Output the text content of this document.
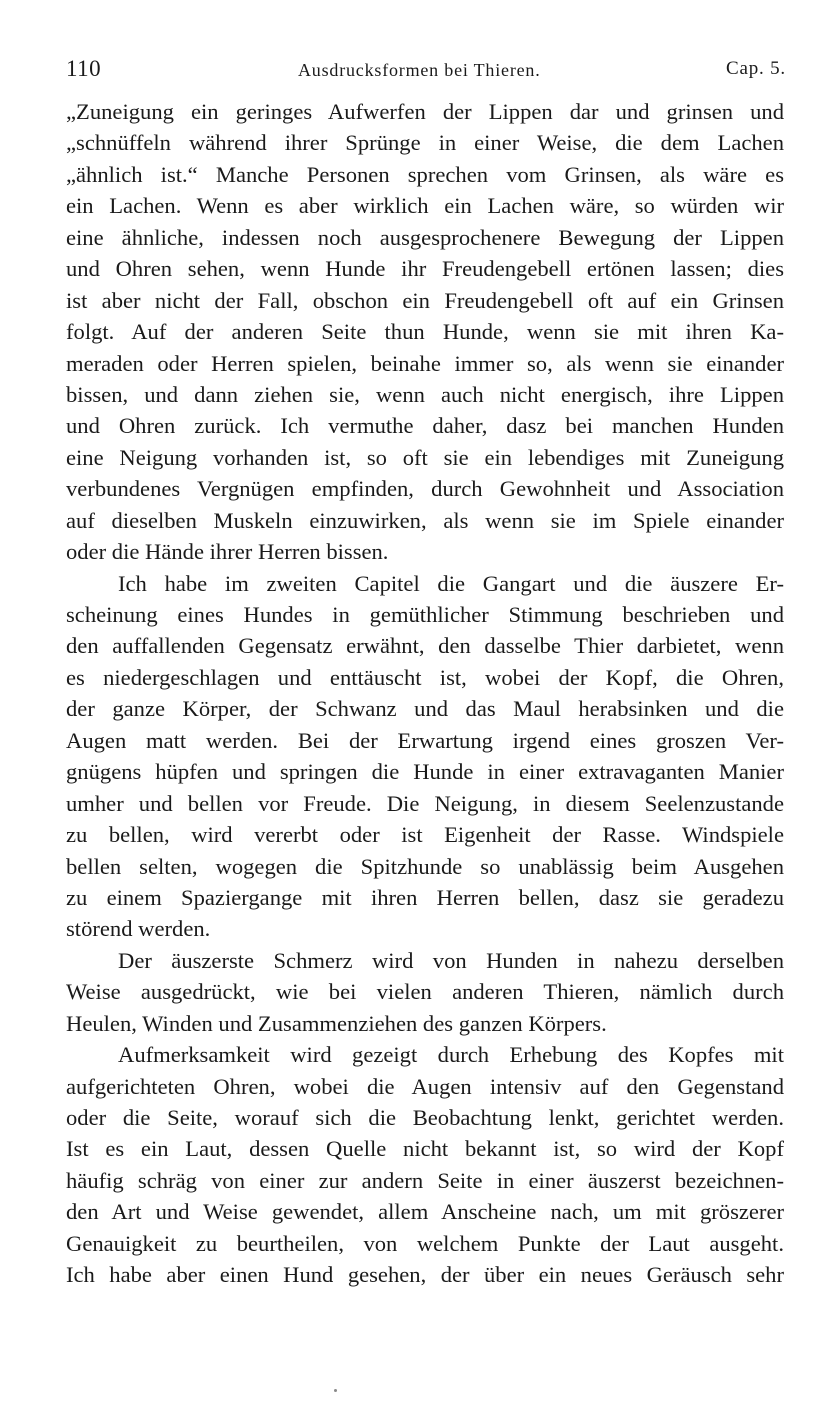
110	Ausdrucksformen bei Thieren.	Cap. 5.
„Zuneigung ein geringes Aufwerfen der Lippen dar und grinsen und
„schnüffeln während ihrer Sprünge in einer Weise, die dem Lachen
„ähnlich ist.“ Manche Personen sprechen vom Grinsen, als wäre es
ein Lachen. Wenn es aber wirklich ein Lachen wäre, so würden wir
eine ähnliche, indessen noch ausgesprochenere Bewegung der Lippen
und Ohren sehen, wenn Hunde ihr Freudengebell ertönen lassen; dies
ist aber nicht der Fall, obschon ein Freudengebell oft auf ein Grinsen
folgt. Auf der anderen Seite thun Hunde, wenn sie mit ihren Ka-
meraden oder Herren spielen, beinahe immer so, als wenn sie einander
bissen, und dann ziehen sie, wenn auch nicht energisch, ihre Lippen
und Ohren zurück. Ich vermuthe daher, dasz bei manchen Hunden
eine Neigung vorhanden ist, so oft sie ein lebendiges mit Zuneigung
verbundenes Vergnügen empfinden, durch Gewohnheit und Association
auf dieselben Muskeln einzuwirken, als wenn sie im Spiele einander
oder die Hände ihrer Herren bissen.
Ich habe im zweiten Capitel die Gangart und die äuszere Er-
scheinung eines Hundes in gemüthlicher Stimmung beschrieben und
den auffallenden Gegensatz erwähnt, den dasselbe Thier darbietet, wenn
es niedergeschlagen und enttäuscht ist, wobei der Kopf, die Ohren,
der ganze Körper, der Schwanz und das Maul herabsinken und die
Augen matt werden. Bei der Erwartung irgend eines groszen Ver-
gnügens hüpfen und springen die Hunde in einer extravaganten Manier
umher und bellen vor Freude. Die Neigung, in diesem Seelenzustande
zu bellen, wird vererbt oder ist Eigenheit der Rasse. Windspiele
bellen selten, wogegen die Spitzhunde so unablässig beim Ausgehen
zu einem Spaziergange mit ihren Herren bellen, dasz sie geradezu
störend werden.
Der äuszerste Schmerz wird von Hunden in nahezu derselben
Weise ausgedrückt, wie bei vielen anderen Thieren, nämlich durch
Heulen, Winden und Zusammenziehen des ganzen Körpers.
Aufmerksamkeit wird gezeigt durch Erhebung des Kopfes mit
aufgerichteten Ohren, wobei die Augen intensiv auf den Gegenstand
oder die Seite, worauf sich die Beobachtung lenkt, gerichtet werden.
Ist es ein Laut, dessen Quelle nicht bekannt ist, so wird der Kopf
häufig schräg von einer zur andern Seite in einer äuszerst bezeichnen-
den Art und Weise gewendet, allem Anscheine nach, um mit gröszerer
Genauigkeit zu beurtheilen, von welchem Punkte der Laut ausgeht.
Ich habe aber einen Hund gesehen, der über ein neues Geräusch sehr
